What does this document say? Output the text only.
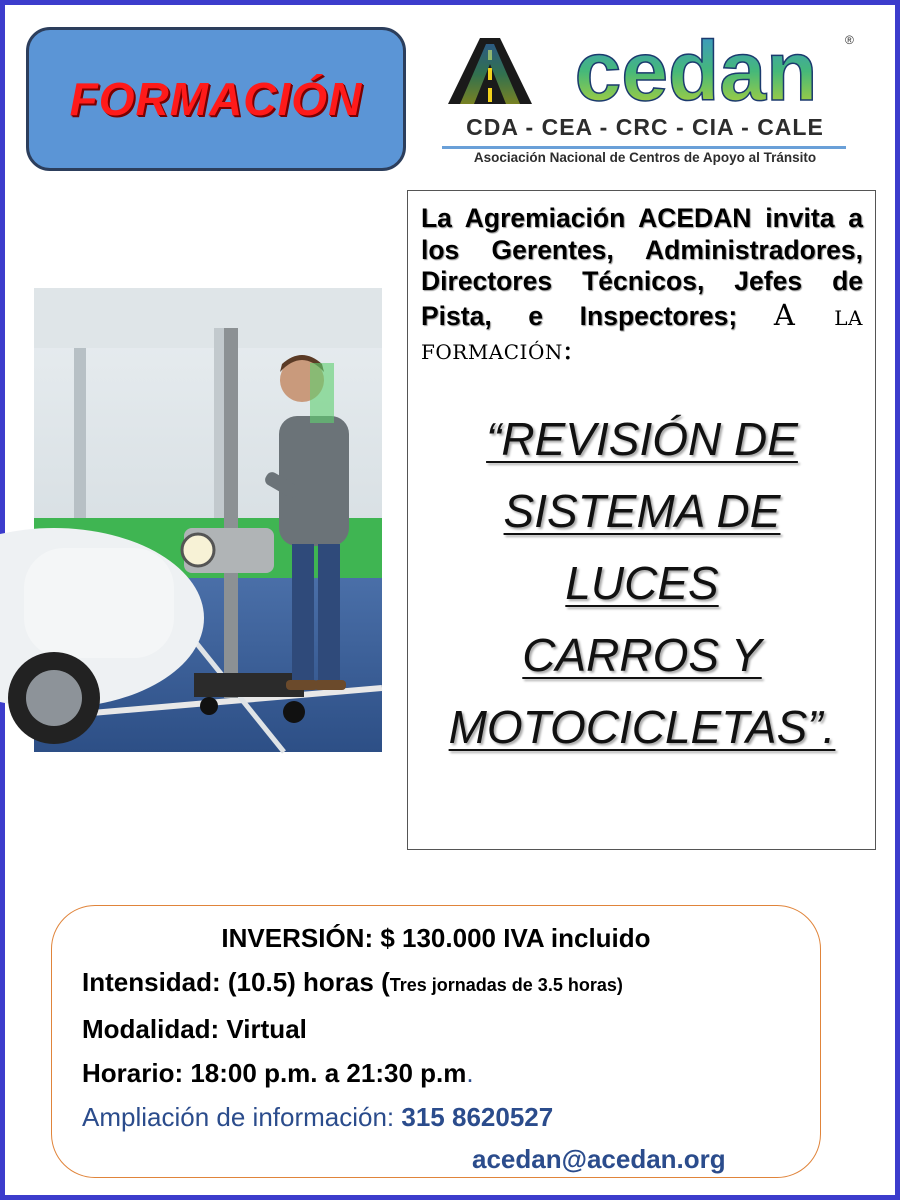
FORMACIÓN	cedan ®
CDA - CEA - CRC - CIA - CALE
Asociación Nacional de Centros de Apoyo al Tránsito

La Agremiación ACEDAN invita a los Gerentes, Administradores, Directores Técnicos, Jefes de Pista, e Inspectores; A la formación:

“REVISIÓN DE
SISTEMA DE
LUCES
CARROS Y
MOTOCICLETAS”.
INVERSIÓN: $ 130.000 IVA incluido
Intensidad: (10.5) horas (Tres jornadas de 3.5 horas)
Modalidad: Virtual
Horario: 18:00 p.m. a 21:30 p.m.
Ampliación de información: 315 8620527
acedan@acedan.org
